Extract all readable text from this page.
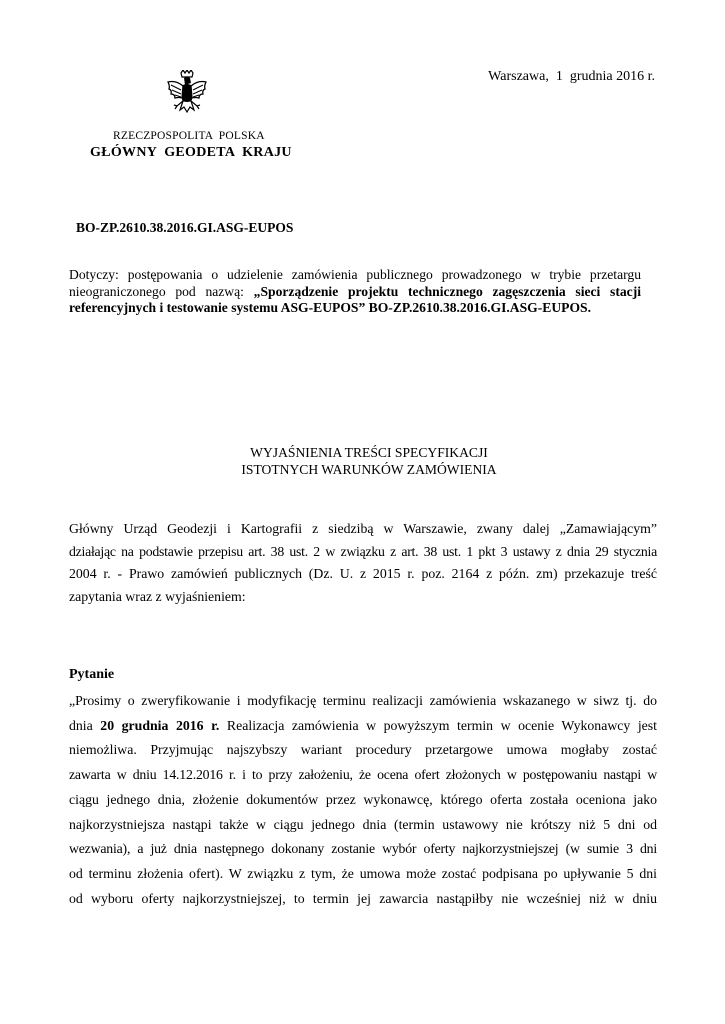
Warszawa,  1  grudnia 2016 r.
RZECZPOSPOLITA  POLSKA
GŁÓWNY  GEODETA  KRAJU
BO-ZP.2610.38.2016.GI.ASG-EUPOS
Dotyczy: postępowania o udzielenie zamówienia publicznego prowadzonego w trybie przetargu nieograniczonego pod nazwą: „Sporządzenie projektu technicznego zagęszczenia sieci stacji referencyjnych i testowanie systemu ASG-EUPOS” BO-ZP.2610.38.2016.GI.ASG-EUPOS.
WYJAŚNIENIA TREŚCI SPECYFIKACJI
ISTOTNYCH WARUNKÓW ZAMÓWIENIA
Główny Urząd Geodezji i Kartografii z siedzibą w Warszawie, zwany dalej „Zamawiającym”
działając na podstawie przepisu art. 38 ust. 2 w związku z art. 38 ust. 1 pkt 3 ustawy z dnia 29 stycznia
2004 r. - Prawo zamówień publicznych (Dz. U. z 2015 r. poz. 2164 z późn. zm) przekazuje treść
zapytania wraz z wyjaśnieniem:
Pytanie
„Prosimy o zweryfikowanie i modyfikację terminu realizacji zamówienia wskazanego w siwz tj. do
dnia 20 grudnia 2016 r. Realizacja zamówienia w powyższym termin w ocenie Wykonawcy jest
niemożliwa. Przyjmując najszybszy wariant procedury przetargowe umowa mogłaby zostać
zawarta w dniu 14.12.2016 r. i to przy założeniu, że ocena ofert złożonych w postępowaniu nastąpi w
ciągu jednego dnia, złożenie dokumentów przez wykonawcę, którego oferta została oceniona jako
najkorzystniejsza nastąpi także w ciągu jednego dnia (termin ustawowy nie krótszy niż 5 dni od
wezwania), a już dnia następnego dokonany zostanie wybór oferty najkorzystniejszej (w sumie 3 dni
od terminu złożenia ofert). W związku z tym, że umowa może zostać podpisana po upływanie 5 dni
od wyboru oferty najkorzystniejszej, to termin jej zawarcia nastąpiłby nie wcześniej niż w dniu
